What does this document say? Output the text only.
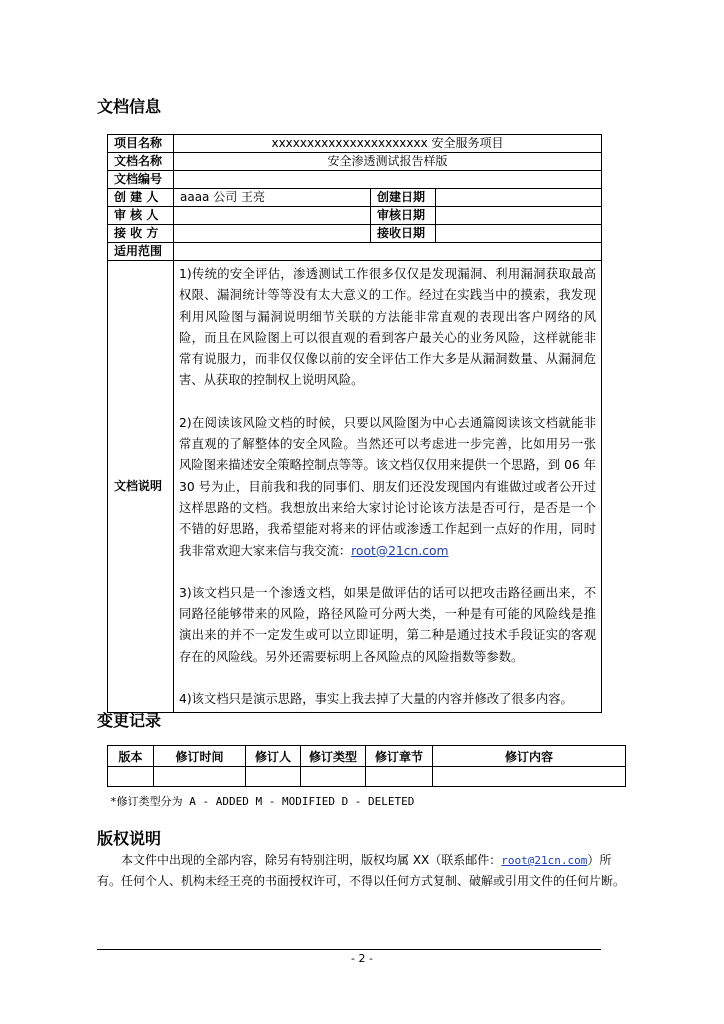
文档信息
项目名称	xxxxxxxxxxxxxxxxxxxxxx 安全服务项目		
文档名称	安全渗透测试报告样版		
文档编号			
创 建 人	aaaa 公司 王亮	创建日期	
审 核 人		审核日期	
接 收 方		接收日期	
适用范围			
文档说明	1)传统的安全评估，渗透测试工作很多仅仅是发现漏洞、利用漏洞获取最高权限、漏洞统计等等没有太大意义的工作。经过在实践当中的摸索，我发现利用风险图与漏洞说明细节关联的方法能非常直观的表现出客户网络的风险，而且在风险图上可以很直观的看到客户最关心的业务风险，这样就能非常有说服力，而非仅仅像以前的安全评估工作大多是从漏洞数量、从漏洞危害、从获取的控制权上说明风险。

2)在阅读该风险文档的时候，只要以风险图为中心去通篇阅读该文档就能非常直观的了解整体的安全风险。当然还可以考虑进一步完善，比如用另一张风险图来描述安全策略控制点等等。该文档仅仅用来提供一个思路，到 06 年 30 号为止，目前我和我的同事们、朋友们还没发现国内有谁做过或者公开过这样思路的文档。我想放出来给大家讨论讨论该方法是否可行，是否是一个不错的好思路，我希望能对将来的评估或渗透工作起到一点好的作用，同时我非常欢迎大家来信与我交流：root@21cn.com

3)该文档只是一个渗透文档，如果是做评估的话可以把攻击路径画出来，不同路径能够带来的风险，路径风险可分两大类，一种是有可能的风险线是推演出来的并不一定发生或可以立即证明，第二种是通过技术手段证实的客观存在的风险线。另外还需要标明上各风险点的风险指数等参数。

4)该文档只是演示思路，事实上我去掉了大量的内容并修改了很多内容。		

变更记录
版本	修订时间	修订人	修订类型	修订章节	修订内容

*修订类型分为 A - ADDED M - MODIFIED D - DELETED
版权说明
本文件中出现的全部内容，除另有特别注明，版权均属 XX（联系邮件：root@21cn.com）所有。任何个人、机构未经王亮的书面授权许可，不得以任何方式复制、破解或引用文件的任何片断。
- 2 -
